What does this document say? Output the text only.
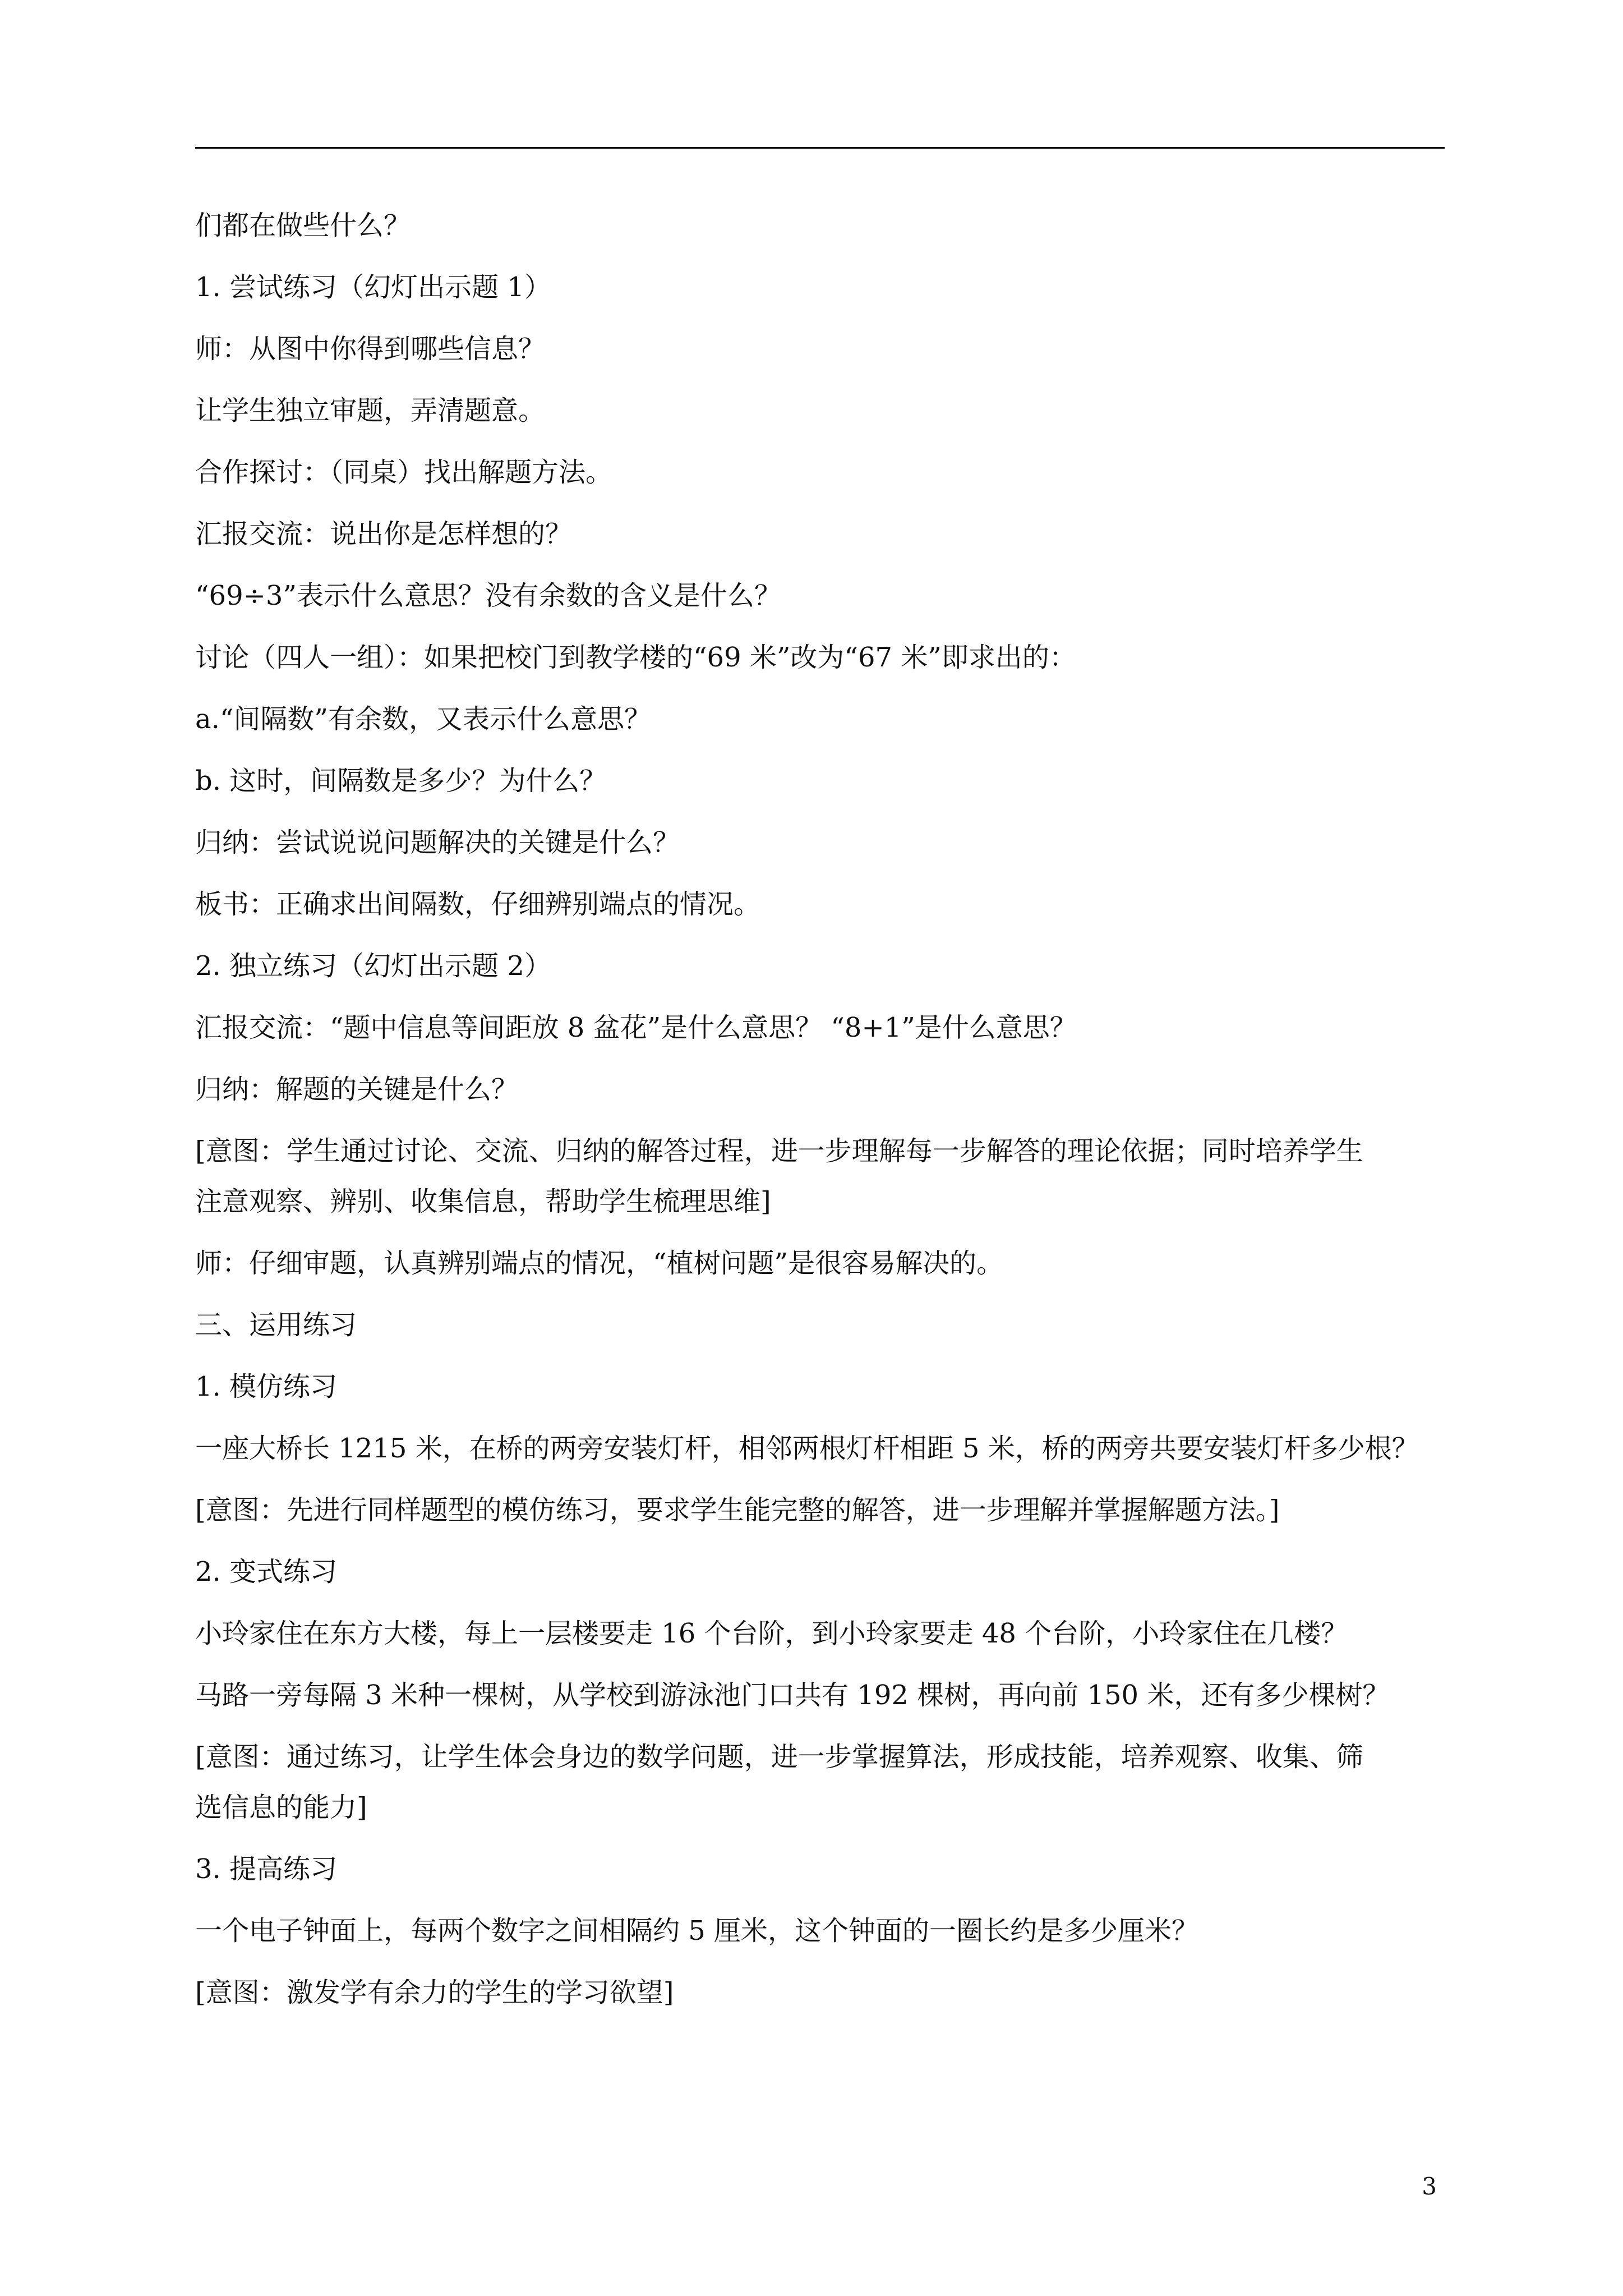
们都在做些什么？

1. 尝试练习（幻灯出示题 1）

师：从图中你得到哪些信息？

让学生独立审题，弄清题意。

合作探讨：（同桌）找出解题方法。

汇报交流：说出你是怎样想的？

“69÷3”表示什么意思？没有余数的含义是什么？

讨论（四人一组）：如果把校门到教学楼的“69 米”改为“67 米”即求出的：

a.“间隔数”有余数，又表示什么意思？

b. 这时，间隔数是多少？为什么？

归纳：尝试说说问题解决的关键是什么？

板书：正确求出间隔数，仔细辨别端点的情况。

2. 独立练习（幻灯出示题 2）

汇报交流：“题中信息等间距放 8 盆花”是什么意思？ “8+1”是什么意思？

归纳：解题的关键是什么？

[意图：学生通过讨论、交流、归纳的解答过程，进一步理解每一步解答的理论依据；同时培养学生

注意观察、辨别、收集信息，帮助学生梳理思维]

师：仔细审题，认真辨别端点的情况，“植树问题”是很容易解决的。

三、运用练习

1. 模仿练习

一座大桥长 1215 米，在桥的两旁安装灯杆，相邻两根灯杆相距 5 米，桥的两旁共要安装灯杆多少根？

[意图：先进行同样题型的模仿练习，要求学生能完整的解答，进一步理解并掌握解题方法。]

2. 变式练习

小玲家住在东方大楼，每上一层楼要走 16 个台阶，到小玲家要走 48 个台阶，小玲家住在几楼？

马路一旁每隔 3 米种一棵树，从学校到游泳池门口共有 192 棵树，再向前 150 米，还有多少棵树？

[意图：通过练习，让学生体会身边的数学问题，进一步掌握算法，形成技能，培养观察、收集、筛

选信息的能力]

3. 提高练习

一个电子钟面上，每两个数字之间相隔约 5 厘米，这个钟面的一圈长约是多少厘米？

[意图：激发学有余力的学生的学习欲望]

3
